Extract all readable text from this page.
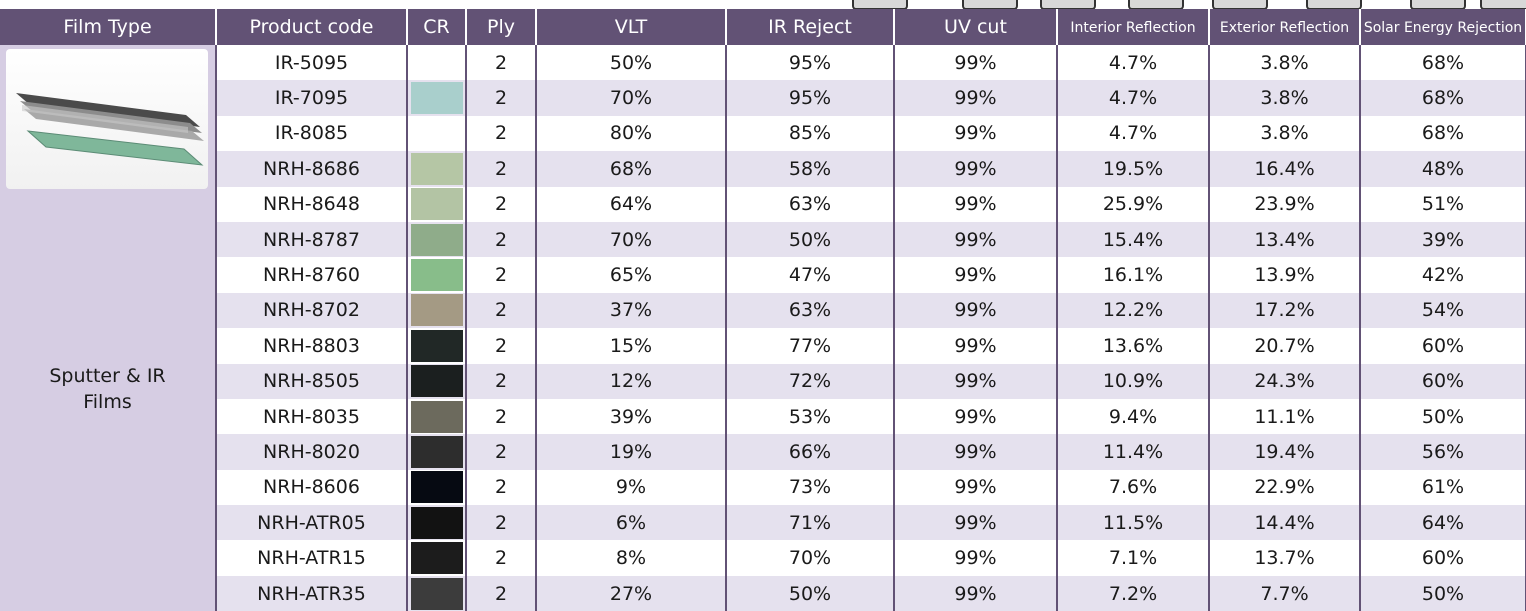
Film Type	Product code	CR	Ply	VLT	IR Reject	UV cut	Interior Reflection	Exterior Reflection	Solar Energy Rejection

Sputter & IR
Films	IR-5095		2	50%	95%	99%	4.7%	3.8%	68%
	IR-7095		2	70%	95%	99%	4.7%	3.8%	68%
	IR-8085		2	80%	85%	99%	4.7%	3.8%	68%
	NRH-8686		2	68%	58%	99%	19.5%	16.4%	48%
	NRH-8648		2	64%	63%	99%	25.9%	23.9%	51%
	NRH-8787		2	70%	50%	99%	15.4%	13.4%	39%
	NRH-8760		2	65%	47%	99%	16.1%	13.9%	42%
	NRH-8702		2	37%	63%	99%	12.2%	17.2%	54%
	NRH-8803		2	15%	77%	99%	13.6%	20.7%	60%
	NRH-8505		2	12%	72%	99%	10.9%	24.3%	60%
	NRH-8035		2	39%	53%	99%	9.4%	11.1%	50%
	NRH-8020		2	19%	66%	99%	11.4%	19.4%	56%
	NRH-8606		2	9%	73%	99%	7.6%	22.9%	61%
	NRH-ATR05		2	6%	71%	99%	11.5%	14.4%	64%
	NRH-ATR15		2	8%	70%	99%	7.1%	13.7%	60%
	NRH-ATR35		2	27%	50%	99%	7.2%	7.7%	50%
